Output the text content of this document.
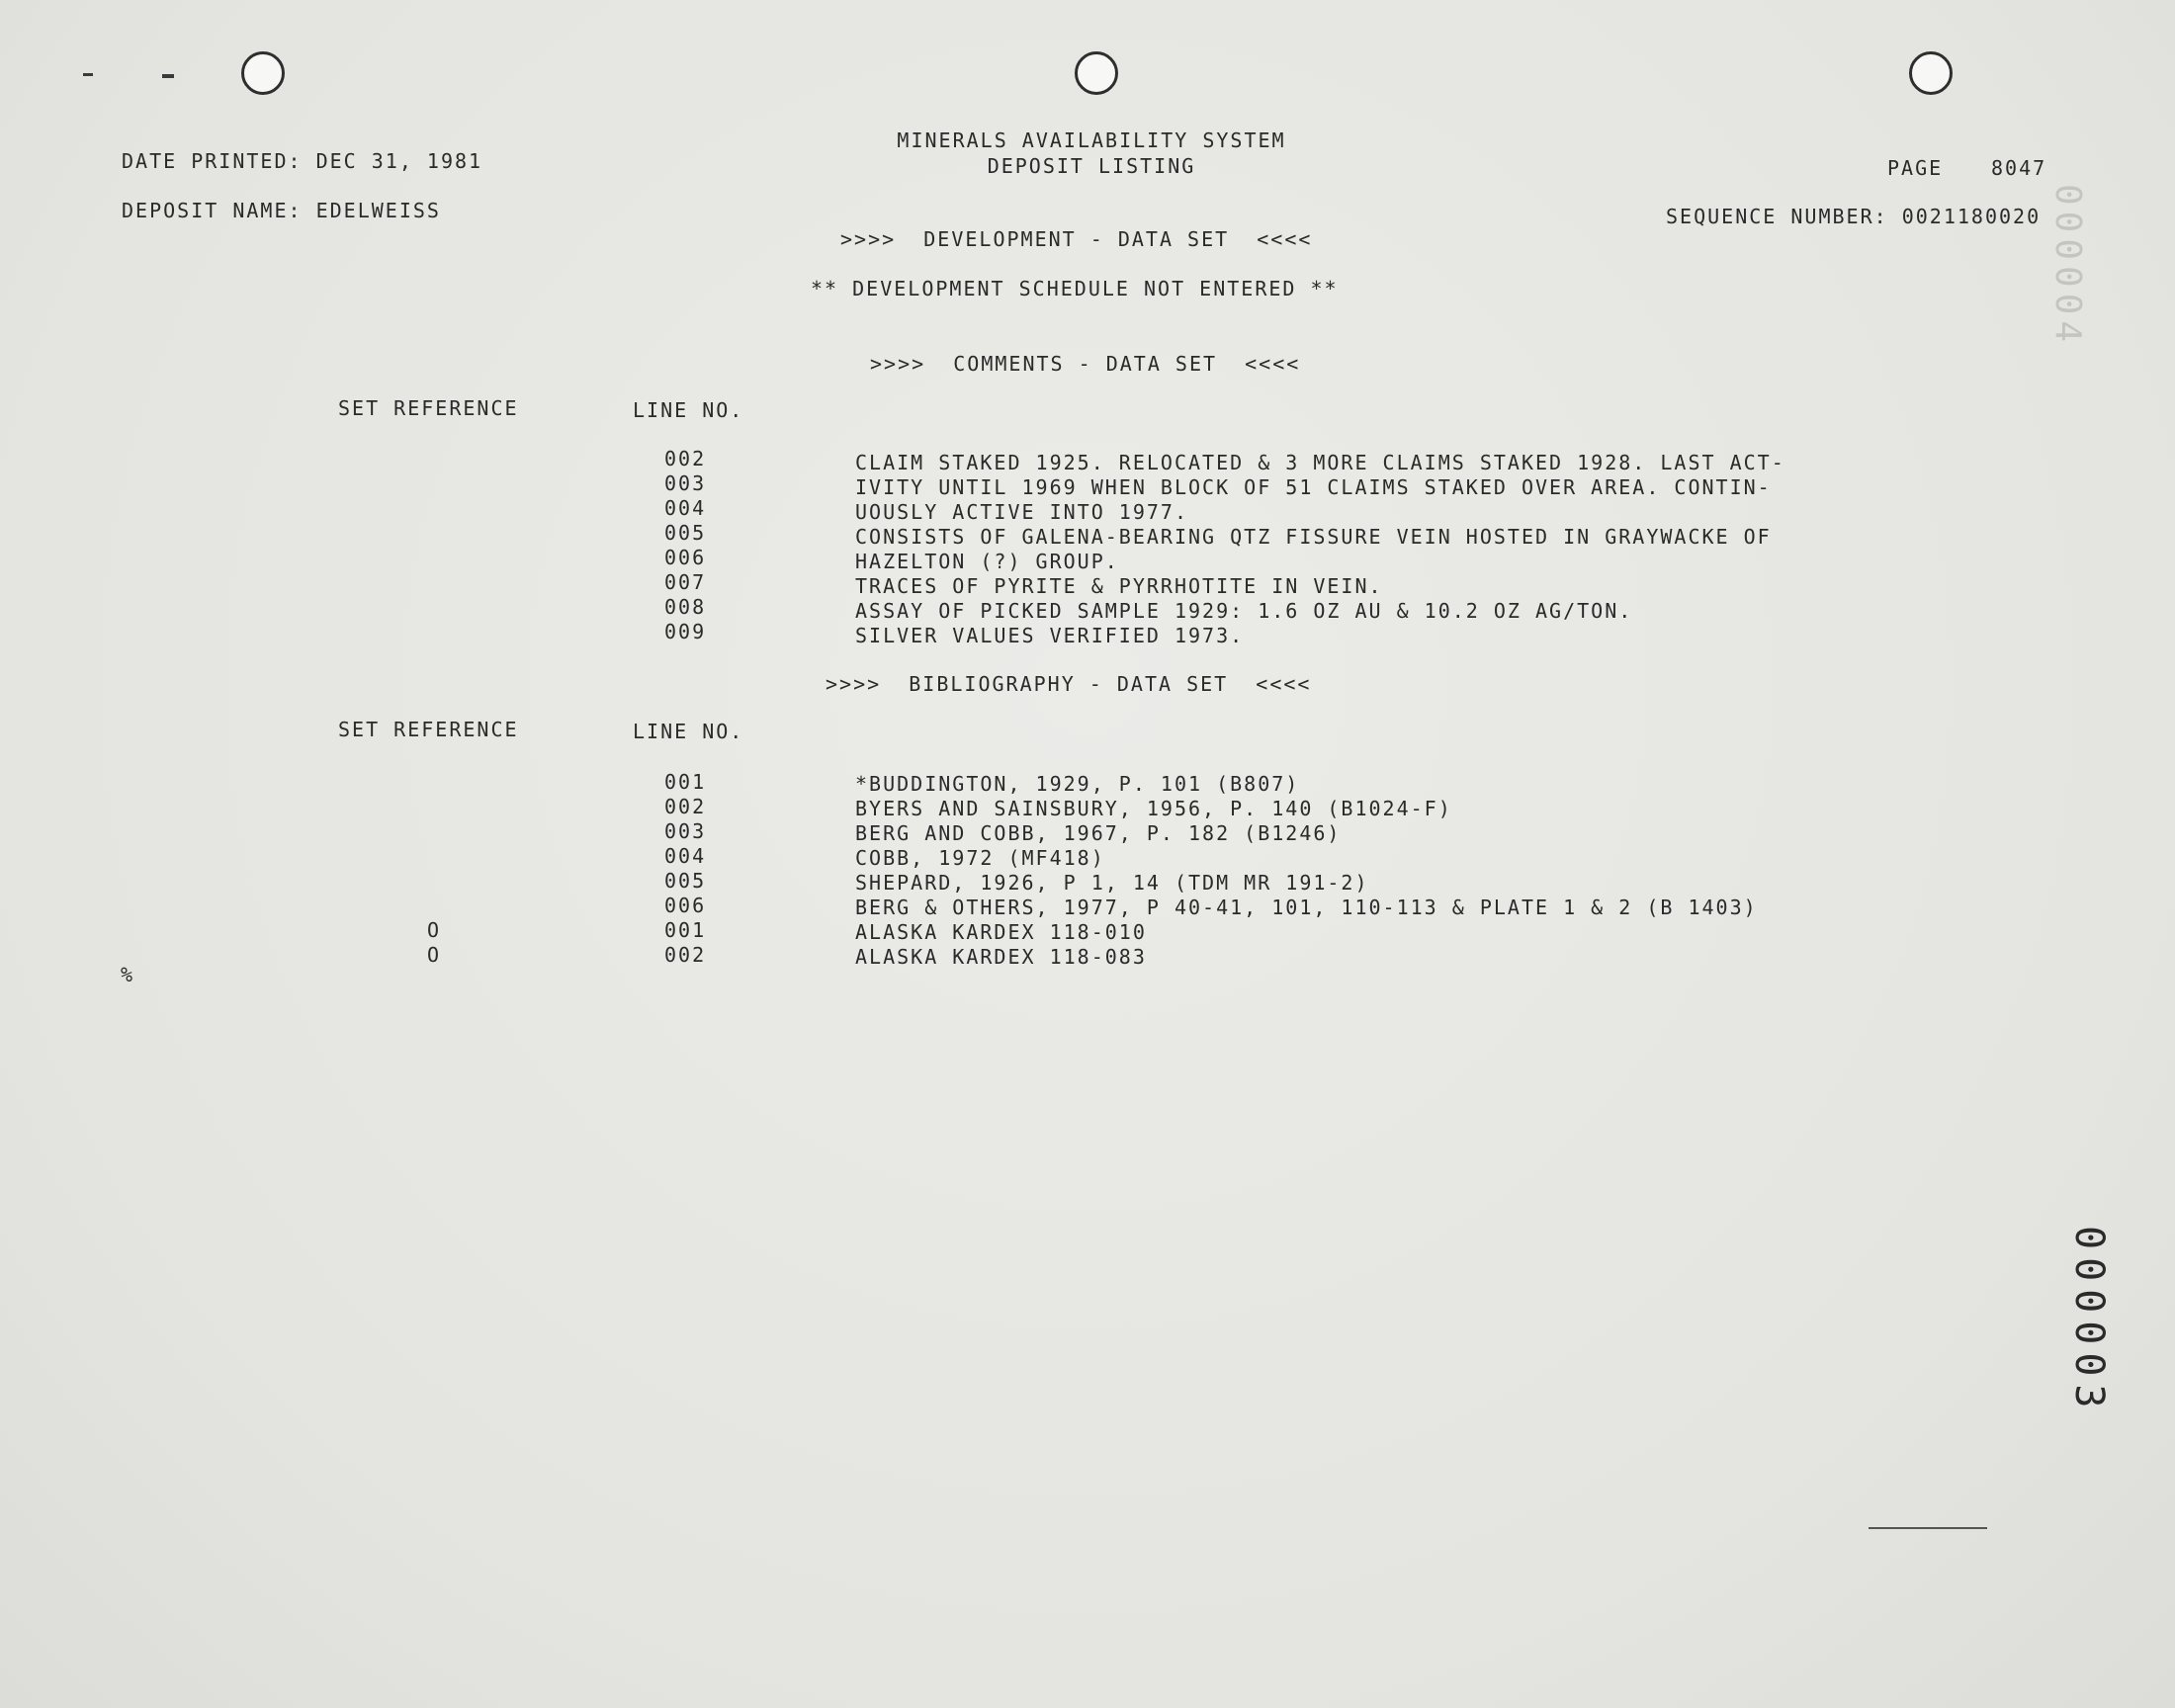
DATE PRINTED: DEC 31, 1981
DEPOSIT NAME: EDELWEISS
MINERALS AVAILABILITY SYSTEM
DEPOSIT LISTING	PAGE 8047
SEQUENCE NUMBER: 0021180020
>>>>  DEVELOPMENT - DATA SET  <<<<
** DEVELOPMENT SCHEDULE NOT ENTERED **
>>>>  COMMENTS - DATA SET  <<<<
SET REFERENCE	LINE NO.
002	CLAIM STAKED 1925. RELOCATED & 3 MORE CLAIMS STAKED 1928. LAST ACT-
003	IVITY UNTIL 1969 WHEN BLOCK OF 51 CLAIMS STAKED OVER AREA. CONTIN-
004	UOUSLY ACTIVE INTO 1977.
005	CONSISTS OF GALENA-BEARING QTZ FISSURE VEIN HOSTED IN GRAYWACKE OF
006	HAZELTON (?) GROUP.
007	TRACES OF PYRITE & PYRRHOTITE IN VEIN.
008	ASSAY OF PICKED SAMPLE 1929: 1.6 OZ AU & 10.2 OZ AG/TON.
009	SILVER VALUES VERIFIED 1973.
>>>>  BIBLIOGRAPHY - DATA SET  <<<<
SET REFERENCE	LINE NO.
001	*BUDDINGTON, 1929, P. 101 (B807)
002	BYERS AND SAINSBURY, 1956, P. 140 (B1024-F)
003	BERG AND COBB, 1967, P. 182 (B1246)
004	COBB, 1972 (MF418)
005	SHEPARD, 1926, P 1, 14 (TDM MR 191-2)
006	BERG & OTHERS, 1977, P 40-41, 101, 110-113 & PLATE 1 & 2 (B 1403)
O	001	ALASKA KARDEX 118-010
O	002	ALASKA KARDEX 118-083
%
000004
000003
